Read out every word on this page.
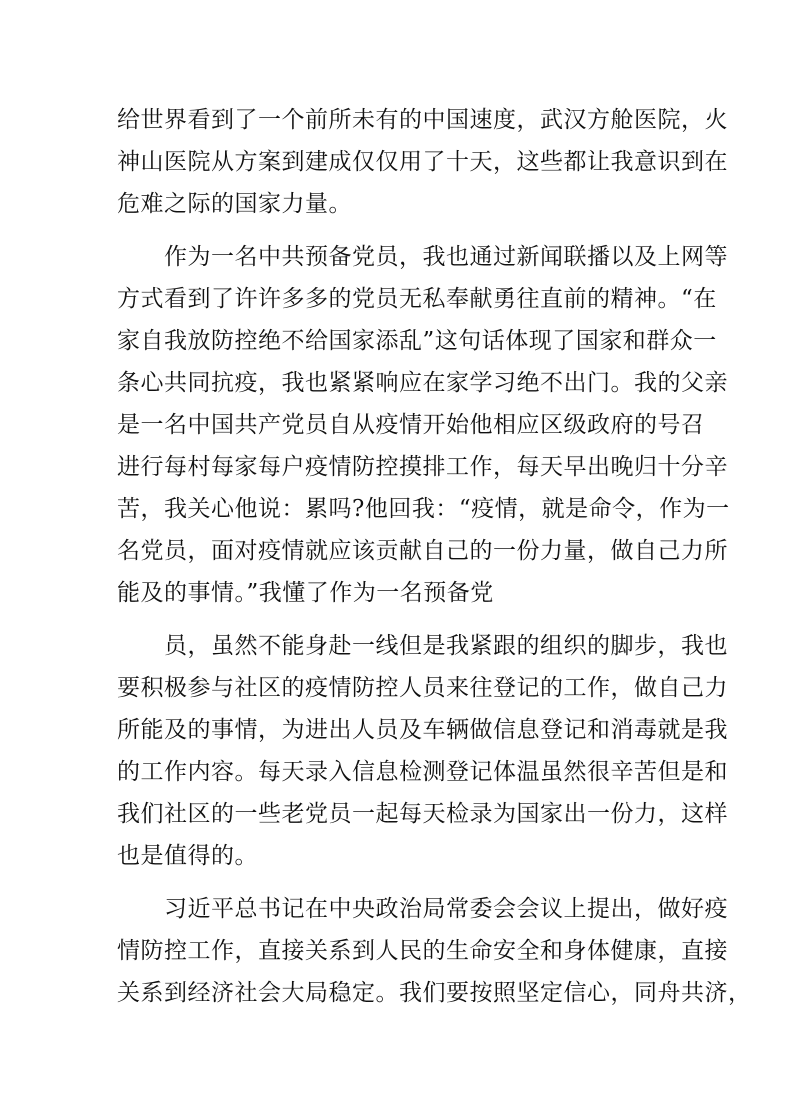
给世界看到了一个前所未有的中国速度，武汉方舱医院，火
神山医院从方案到建成仅仅用了十天，这些都让我意识到在
危难之际的国家力量。
作为一名中共预备党员，我也通过新闻联播以及上网等
方式看到了许许多多的党员无私奉献勇往直前的精神。“在
家自我放防控绝不给国家添乱”这句话体现了国家和群众一
条心共同抗疫，我也紧紧响应在家学习绝不出门。我的父亲
是一名中国共产党员自从疫情开始他相应区级政府的号召
进行每村每家每户疫情防控摸排工作，每天早出晚归十分辛
苦，我关心他说：累吗?他回我：“疫情，就是命令，作为一
名党员，面对疫情就应该贡献自己的一份力量，做自己力所
能及的事情。”我懂了作为一名预备党
员，虽然不能身赴一线但是我紧跟的组织的脚步，我也
要积极参与社区的疫情防控人员来往登记的工作，做自己力
所能及的事情，为进出人员及车辆做信息登记和消毒就是我
的工作内容。每天录入信息检测登记体温虽然很辛苦但是和
我们社区的一些老党员一起每天检录为国家出一份力，这样
也是值得的。
习近平总书记在中央政治局常委会会议上提出，做好疫
情防控工作，直接关系到人民的生命安全和身体健康，直接
关系到经济社会大局稳定。我们要按照坚定信心，同舟共济，
